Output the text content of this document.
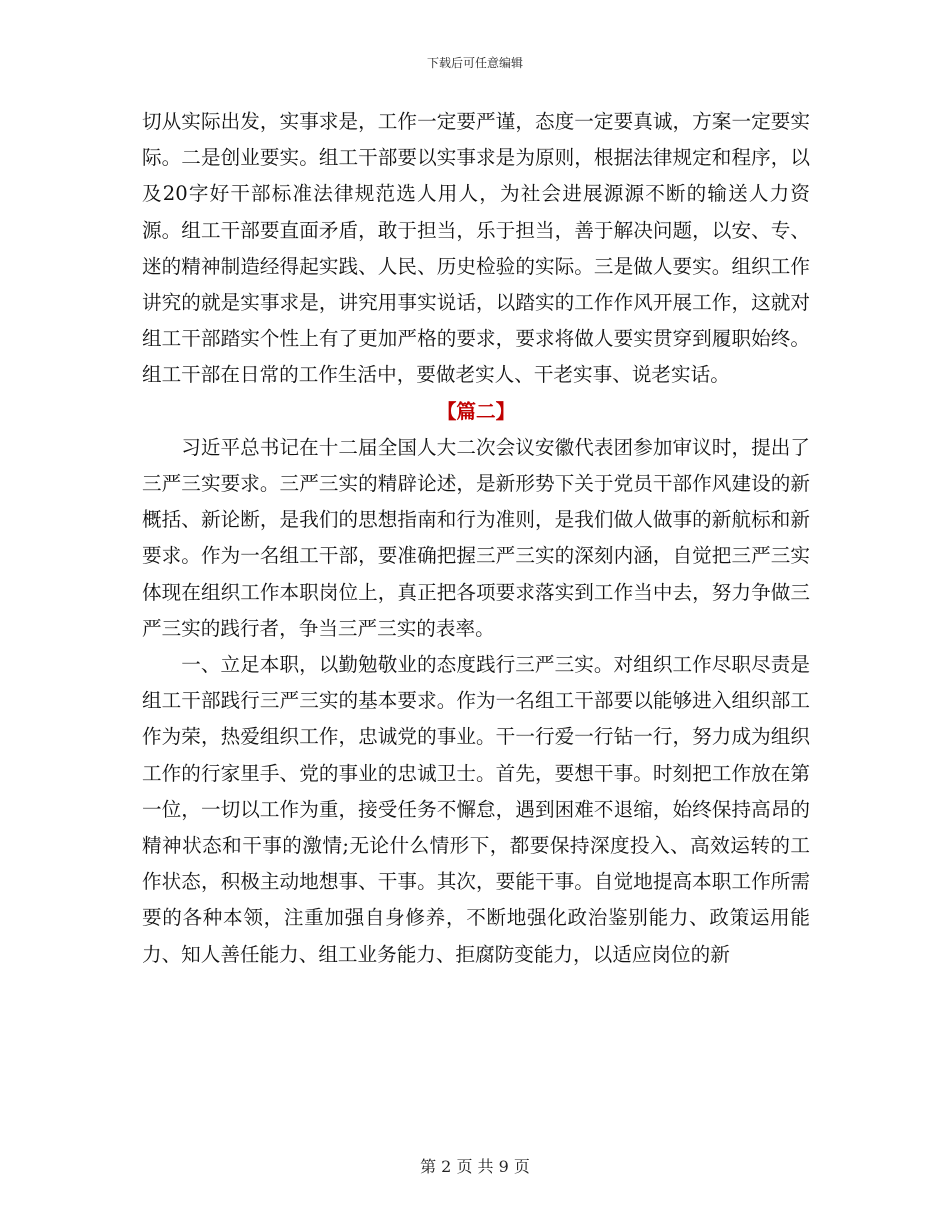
下载后可任意编辑

切从实际出发，实事求是，工作一定要严谨，态度一定要真诚，方案一定要实际。二是创业要实。组工干部要以实事求是为原则，根据法律规定和程序，以及20字好干部标准法律规范选人用人，为社会进展源源不断的输送人力资源。组工干部要直面矛盾，敢于担当，乐于担当，善于解决问题，以安、专、迷的精神制造经得起实践、人民、历史检验的实际。三是做人要实。组织工作讲究的就是实事求是，讲究用事实说话，以踏实的工作作风开展工作，这就对组工干部踏实个性上有了更加严格的要求，要求将做人要实贯穿到履职始终。组工干部在日常的工作生活中，要做老实人、干老实事、说老实话。

【篇二】

习近平总书记在十二届全国人大二次会议安徽代表团参加审议时，提出了三严三实要求。三严三实的精辟论述，是新形势下关于党员干部作风建设的新概括、新论断，是我们的思想指南和行为准则，是我们做人做事的新航标和新要求。作为一名组工干部，要准确把握三严三实的深刻内涵，自觉把三严三实体现在组织工作本职岗位上，真正把各项要求落实到工作当中去，努力争做三严三实的践行者，争当三严三实的表率。

一、立足本职，以勤勉敬业的态度践行三严三实。对组织工作尽职尽责是组工干部践行三严三实的基本要求。作为一名组工干部要以能够进入组织部工作为荣，热爱组织工作，忠诚党的事业。干一行爱一行钻一行，努力成为组织工作的行家里手、党的事业的忠诚卫士。首先，要想干事。时刻把工作放在第一位，一切以工作为重，接受任务不懈怠，遇到困难不退缩，始终保持高昂的精神状态和干事的激情;无论什么情形下，都要保持深度投入、高效运转的工作状态，积极主动地想事、干事。其次，要能干事。自觉地提高本职工作所需要的各种本领，注重加强自身修养，不断地强化政治鉴别能力、政策运用能力、知人善任能力、组工业务能力、拒腐防变能力，以适应岗位的新

第 2 页 共 9 页
